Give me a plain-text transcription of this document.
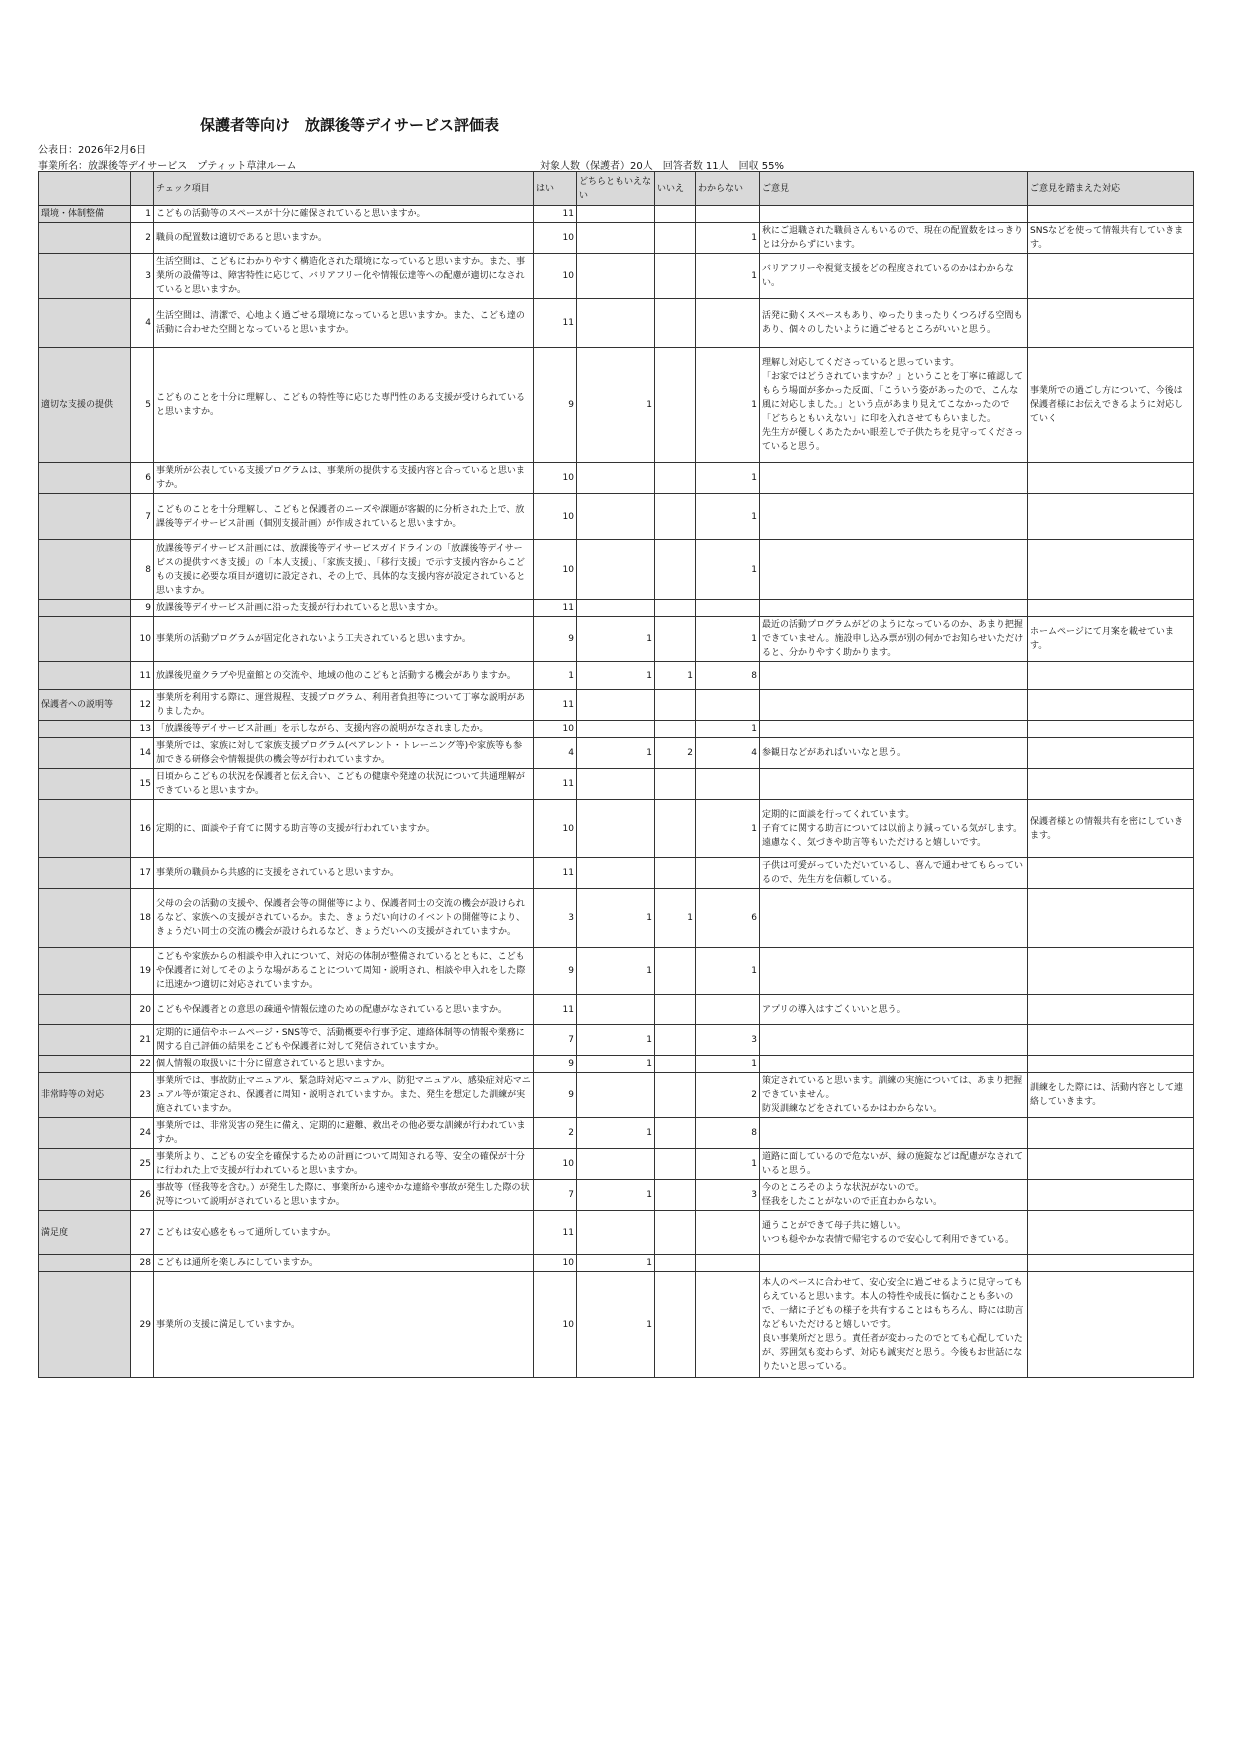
保護者等向け　放課後等デイサービス評価表
公表日：2026年2月6日
事業所名：放課後等デイサービス　プティット草津ルーム	対象人数（保護者）20人　回答者数 11人　回収 55%
		チェック項目	はい	どちらともいえない	いいえ	わからない	ご意見	ご意見を踏まえた対応
環境・体制整備	1	こどもの活動等のスペースが十分に確保されていると思いますか。	11					
	2	職員の配置数は適切であると思いますか。	10			1	秋にご退職された職員さんもいるので、現在の配置数をはっきりとは分からずにいます。	SNSなどを使って情報共有していきます。
	3	生活空間は、こどもにわかりやすく構造化された環境になっていると思いますか。また、事業所の設備等は、障害特性に応じて、バリアフリー化や情報伝達等への配慮が適切になされていると思いますか。	10			1	バリアフリーや視覚支援をどの程度されているのかはわからない。	
	4	生活空間は、清潔で、心地よく過ごせる環境になっていると思いますか。また、こども達の活動に合わせた空間となっていると思いますか。	11				活発に動くスペースもあり、ゆったりまったりくつろげる空間もあり、個々のしたいように過ごせるところがいいと思う。	
適切な支援の提供	5	こどものことを十分に理解し、こどもの特性等に応じた専門性のある支援が受けられていると思いますか。	9	1		1	理解し対応してくださっていると思っています。
「お家ではどうされていますか？」ということを丁寧に確認してもらう場面が多かった反面、「こういう姿があったので、こんな風に対応しました。」という点があまり見えてこなかったので「どちらともいえない」に印を入れさせてもらいました。
先生方が優しくあたたかい眼差しで子供たちを見守ってくださっていると思う。	事業所での過ごし方について、今後は保護者様にお伝えできるように対応していく
	6	事業所が公表している支援プログラムは、事業所の提供する支援内容と合っていると思いますか。	10			1		
	7	こどものことを十分理解し、こどもと保護者のニーズや課題が客観的に分析された上で、放課後等デイサービス計画（個別支援計画）が作成されていると思いますか。	10			1		
	8	放課後等デイサービス計画には、放課後等デイサービスガイドラインの「放課後等デイサービスの提供すべき支援」の「本人支援」、「家族支援」、「移行支援」で示す支援内容からこどもの支援に必要な項目が適切に設定され、その上で、具体的な支援内容が設定されていると思いますか。	10			1		
	9	放課後等デイサービス計画に沿った支援が行われていると思いますか。	11					
	10	事業所の活動プログラムが固定化されないよう工夫されていると思いますか。	9	1		1	最近の活動プログラムがどのようになっているのか、あまり把握できていません。施設申し込み票が別の何かでお知らせいただけると、分かりやすく助かります。	ホームページにて月案を載せています。
	11	放課後児童クラブや児童館との交流や、地域の他のこどもと活動する機会がありますか。	1	1	1	8		
保護者への説明等	12	事業所を利用する際に、運営規程、支援プログラム、利用者負担等について丁寧な説明がありましたか。	11					
	13	「放課後等デイサービス計画」を示しながら、支援内容の説明がなされましたか。	10			1		
	14	事業所では、家族に対して家族支援プログラム(ペアレント・トレーニング等)や家族等も参加できる研修会や情報提供の機会等が行われていますか。	4	1	2	4	参観日などがあればいいなと思う。	
	15	日頃からこどもの状況を保護者と伝え合い、こどもの健康や発達の状況について共通理解ができていると思いますか。	11					
	16	定期的に、面談や子育てに関する助言等の支援が行われていますか。	10			1	定期的に面談を行ってくれています。
子育てに関する助言については以前より減っている気がします。遠慮なく、気づきや助言等もいただけると嬉しいです。	保護者様との情報共有を密にしていきます。
	17	事業所の職員から共感的に支援をされていると思いますか。	11				子供は可愛がっていただいているし、喜んで通わせてもらっているので、先生方を信頼している。	
	18	父母の会の活動の支援や、保護者会等の開催等により、保護者同士の交流の機会が設けられるなど、家族への支援がされているか。また、きょうだい向けのイベントの開催等により、きょうだい同士の交流の機会が設けられるなど、きょうだいへの支援がされていますか。	3	1	1	6		
	19	こどもや家族からの相談や申入れについて、対応の体制が整備されているとともに、こどもや保護者に対してそのような場があることについて周知・説明され、相談や申入れをした際に迅速かつ適切に対応されていますか。	9	1		1		
	20	こどもや保護者との意思の疎通や情報伝達のための配慮がなされていると思いますか。	11				アプリの導入はすごくいいと思う。	
	21	定期的に通信やホームページ・SNS等で、活動概要や行事予定、連絡体制等の情報や業務に関する自己評価の結果をこどもや保護者に対して発信されていますか。	7	1		3		
	22	個人情報の取扱いに十分に留意されていると思いますか。	9	1		1		
非常時等の対応	23	事業所では、事故防止マニュアル、緊急時対応マニュアル、防犯マニュアル、感染症対応マニュアル等が策定され、保護者に周知・説明されていますか。また、発生を想定した訓練が実施されていますか。	9			2	策定されていると思います。訓練の実施については、あまり把握できていません。
防災訓練などをされているかはわからない。	訓練をした際には、活動内容として連絡していきます。
	24	事業所では、非常災害の発生に備え、定期的に避難、救出その他必要な訓練が行われていますか。	2	1		8		
	25	事業所より、こどもの安全を確保するための計画について周知される等、安全の確保が十分に行われた上で支援が行われていると思いますか。	10			1	道路に面しているので危ないが、縁の施錠などは配慮がなされていると思う。	
	26	事故等（怪我等を含む。）が発生した際に、事業所から速やかな連絡や事故が発生した際の状況等について説明がされていると思いますか。	7	1		3	今のところそのような状況がないので。
怪我をしたことがないので正直わからない。	
満足度	27	こどもは安心感をもって通所していますか。	11				通うことができて母子共に嬉しい。
いつも穏やかな表情で帰宅するので安心して利用できている。	
	28	こどもは通所を楽しみにしていますか。	10	1				
	29	事業所の支援に満足していますか。	10	1			本人のペースに合わせて、安心安全に過ごせるように見守ってもらえていると思います。本人の特性や成長に悩むことも多いので、一緒に子どもの様子を共有することはもちろん、時には助言などもいただけると嬉しいです。
良い事業所だと思う。責任者が変わったのでとても心配していたが、雰囲気も変わらず、対応も誠実だと思う。今後もお世話になりたいと思っている。	
